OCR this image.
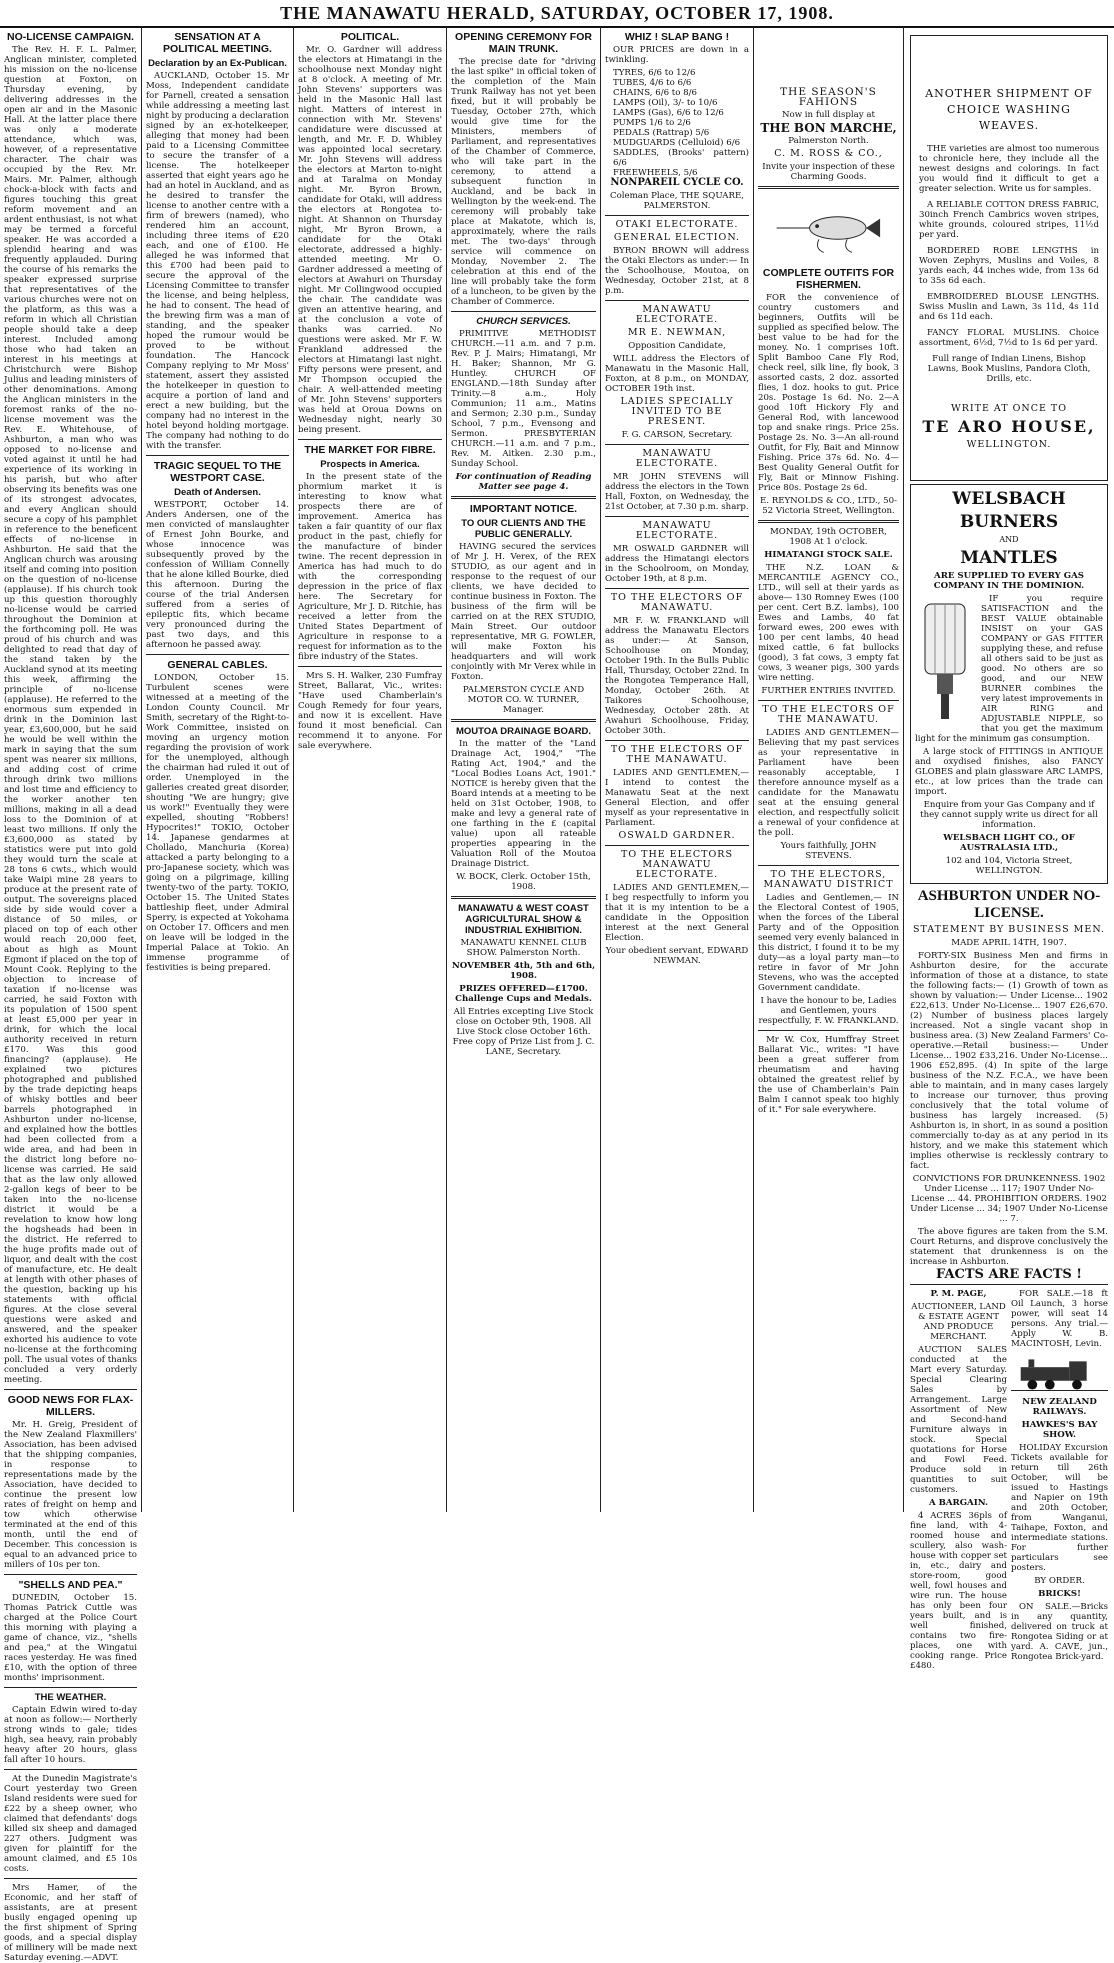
THE MANAWATU HERALD, SATURDAY, OCTOBER 17, 1908.
NO-LICENSE CAMPAIGN.

The Rev. H. F. L. Palmer, Anglican minister, completed his mission on the no-license question at Foxton, on Thursday evening, by delivering addresses in the open air and in the Masonic Hall. At the latter place there was only a moderate attendance, which was, however, of a representative character. The chair was occupied by the Rev. Mr. Mairs. Mr. Palmer, although chock-a-block with facts and figures touching this great reform movement and an ardent enthusiast, is not what may be termed a forceful speaker. He was accorded a splendid hearing and was frequently applauded. During the course of his remarks the speaker expressed surprise that representatives of the various churches were not on the platform, as this was a reform in which all Christian people should take a deep interest. Included among those who had taken an interest in his meetings at Christchurch were Bishop Julius and leading ministers of other denominations. Among the Anglican ministers in the foremost ranks of the no-license movement was the Rev. E. Whitehouse, of Ashburton, a man who was opposed to no-license and voted against it until he had experience of its working in his parish, but who after observing its benefits was one of its strongest advocates, and every Anglican should secure a copy of his pamphlet in reference to the beneficent effects of no-license in Ashburton. He said that the Anglican church was arousing itself and coming into position on the question of no-license (applause). If his church took up this question thoroughly no-license would be carried throughout the Dominion at the forthcoming poll. He was proud of his church and was delighted to read that day of the stand taken by the Auckland synod at its meeting this week, affirming the principle of no-license (applause). He referred to the enormous sum expended in drink in the Dominion last year, £3,600,000, but he said he would be well within the mark in saying that the sum spent was nearer six millions, and adding cost of crime through drink two millions and lost time and efficiency to the worker another ten millions, making in all a dead loss to the Dominion of at least two millions. If only the £3,600,000 as stated by statistics were put into gold they would turn the scale at 28 tons 6 cwts., which would take Waipi mine 28 years to produce at the present rate of output. The sovereigns placed side by side would cover a distance of 50 miles, or placed on top of each other would reach 20,000 feet, about as high as Mount Egmont if placed on the top of Mount Cook. Replying to the objection to increase of taxation if no-license was carried, he said Foxton with its population of 1500 spent at least £5,000 per year in drink, for which the local authority received in return £170. Was this good financing? (applause). He explained two pictures photographed and published by the trade depicting heaps of whisky bottles and beer barrels photographed in Ashburton under no-license, and explained how the bottles had been collected from a wide area, and had been in the district long before no-license was carried. He said that as the law only allowed 2-gallon kegs of beer to be taken into the no-license district it would be a revelation to know how long the hogsheads had been in the district. He referred to the huge profits made out of liquor, and dealt with the cost of manufacture, etc. He dealt at length with other phases of the question, backing up his statements with official figures. At the close several questions were asked and answered, and the speaker exhorted his audience to vote no-license at the forthcoming poll. The usual votes of thanks concluded a very orderly meeting.

GOOD NEWS FOR FLAX-MILLERS.

Mr. H. Greig, President of the New Zealand Flaxmillers' Association, has been advised that the shipping companies, in response to representations made by the Association, have decided to continue the present low rates of freight on hemp and tow which otherwise terminated at the end of this month, until the end of December. This concession is equal to an advanced price to millers of 10s per ton.

"SHELLS AND PEA."

DUNEDIN, October 15. Thomas Patrick Cuttle was charged at the Police Court this morning with playing a game of chance, viz., "shells and pea," at the Wingatui races yesterday. He was fined £10, with the option of three months' imprisonment.

THE WEATHER.

Captain Edwin wired to-day at noon as follow:— Northerly strong winds to gale; tides high, sea heavy, rain probably heavy after 20 hours, glass fall after 10 hours.

At the Dunedin Magistrate's Court yesterday two Green Island residents were sued for £22 by a sheep owner, who claimed that defendants' dogs killed six sheep and damaged 227 others. Judgment was given for plaintiff for the amount claimed, and £5 10s costs.

Mrs Hamer, of the Economic, and her staff of assistants, are at present busily engaged opening up the first shipment of Spring goods, and a special display of millinery will be made next Saturday evening.—ADVT.

SENSATION AT A POLITICAL MEETING.
Declaration by an Ex-Publican.

AUCKLAND, October 15. Mr Moss, Independent candidate for Parnell, created a sensation while addressing a meeting last night by producing a declaration signed by an ex-hotelkeeper, alleging that money had been paid to a Licensing Committee to secure the transfer of a license. The hotelkeeper asserted that eight years ago he had an hotel in Auckland, and as he desired to transfer the license to another centre with a firm of brewers (named), who rendered him an account, including three items of £20 each, and one of £100. He alleged he was informed that this £700 had been paid to secure the approval of the Licensing Committee to transfer the license, and being helpless, he had to consent. The head of the brewing firm was a man of standing, and the speaker hoped the rumour would be proved to be without foundation. The Hancock Company replying to Mr Moss' statement, assert they assisted the hotelkeeper in question to acquire a portion of land and erect a new building, but the company had no interest in the hotel beyond holding mortgage. The company had nothing to do with the transfer.

TRAGIC SEQUEL TO THE WESTPORT CASE.
Death of Andersen.

WESTPORT, October 14. Anders Andersen, one of the men convicted of manslaughter of Ernest John Bourke, and whose innocence was subsequently proved by the confession of William Connelly that he alone killed Bourke, died this afternoon. During the course of the trial Andersen suffered from a series of epileptic fits, which became very pronounced during the past two days, and this afternoon he passed away.

GENERAL CABLES.

LONDON, October 15. Turbulent scenes were witnessed at a meeting of the London County Council. Mr Smith, secretary of the Right-to-Work Committee, insisted on moving an urgency motion regarding the provision of work for the unemployed, although the chairman had ruled it out of order. Unemployed in the galleries created great disorder, shouting "We are hungry; give us work!" Eventually they were expelled, shouting "Robbers! Hypocrites!" TOKIO, October 14. Japanese gendarmes at Chollado, Manchuria (Korea) attacked a party belonging to a pro-Japanese society, which was going on a pilgrimage, killing twenty-two of the party. TOKIO, October 15. The United States battleship fleet, under Admiral Sperry, is expected at Yokohama on October 17. Officers and men on leave will be lodged in the Imperial Palace at Tokio. An immense programme of festivities is being prepared.

POLITICAL.

Mr. O. Gardner will address the electors at Himatangi in the schoolhouse next Monday night at 8 o'clock. A meeting of Mr. John Stevens' supporters was held in the Masonic Hall last night. Matters of interest in connection with Mr. Stevens' candidature were discussed at length, and Mr. F. D. Whibley was appointed local secretary. Mr. John Stevens will address the electors at Marton to-night and at Taralma on Monday night. Mr. Byron Brown, candidate for Otaki, will address the electors at Rongotea to-night. At Shannon on Thursday night, Mr Byron Brown, a candidate for the Otaki electorate, addressed a highly-attended meeting. Mr O. Gardner addressed a meeting of electors at Awahuri on Thursday night. Mr Collingwood occupied the chair. The candidate was given an attentive hearing, and at the conclusion a vote of thanks was carried. No questions were asked. Mr F. W. Frankland addressed the electors at Himatangi last night. Fifty persons were present, and Mr Thompson occupied the chair. A well-attended meeting of Mr. John Stevens' supporters was held at Oroua Downs on Wednesday night, nearly 30 being present.

THE MARKET FOR FIBRE.
Prospects in America.

In the present state of the phormium market it is interesting to know what prospects there are of improvement. America has taken a fair quantity of our flax product in the past, chiefly for the manufacture of binder twine. The recent depression in America has had much to do with the corresponding depression in the price of flax here. The Secretary for Agriculture, Mr J. D. Ritchie, has received a letter from the United States Department of Agriculture in response to a request for information as to the fibre industry of the States.

Mrs S. H. Walker, 230 Fumfray Street, Ballarat, Vic., writes: "Have used Chamberlain's Cough Remedy for four years, and now it is excellent. Have found it most beneficial. Can recommend it to anyone. For sale everywhere.

OPENING CEREMONY FOR MAIN TRUNK.

The precise date for "driving the last spike" in official token of the completion of the Main Trunk Railway has not yet been fixed, but it will probably be Tuesday, October 27th, which would give time for the Ministers, members of Parliament, and representatives of the Chamber of Commerce, who will take part in the ceremony, to attend a subsequent function in Auckland, and be back in Wellington by the week-end. The ceremony will probably take place at Makatote, which is, approximately, where the rails met. The two-days' through service will commence on Monday, November 2. The celebration at this end of the line will probably take the form of a luncheon, to be given by the Chamber of Commerce.

CHURCH SERVICES.

PRIMITIVE METHODIST CHURCH.—11 a.m. and 7 p.m. Rev. P. J. Mairs; Himatangi, Mr H. Baker; Shannon, Mr G. Huntley. CHURCH OF ENGLAND.—18th Sunday after Trinity.—8 a.m., Holy Communion; 11 a.m., Matins and Sermon; 2.30 p.m., Sunday School, 7 p.m., Evensong and Sermon. PRESBYTERIAN CHURCH.—11 a.m. and 7 p.m., Rev. M. Aitken. 2.30 p.m., Sunday School.

For continuation of Reading Matter see page 4.

IMPORTANT NOTICE.
TO OUR CLIENTS AND THE PUBLIC GENERALLY.

HAVING secured the services of Mr J. H. Verex, of the REX STUDIO, as our agent and in response to the request of our clients, we have decided to continue business in Foxton. The business of the firm will be carried on at the REX STUDIO, Main Street. Our outdoor representative, MR G. FOWLER, will make Foxton his headquarters and will work conjointly with Mr Verex while in Foxton.

PALMERSTON CYCLE AND MOTOR CO. W. TURNER, Manager.

MOUTOA DRAINAGE BOARD.

In the matter of the "Land Drainage Act, 1904," "The Rating Act, 1904," and the "Local Bodies Loans Act, 1901." NOTICE is hereby given that the Board intends at a meeting to be held on 31st October, 1908, to make and levy a general rate of one farthing in the £ (capital value) upon all rateable properties appearing in the Valuation Roll of the Moutoa Drainage District.

W. BOCK, Clerk. October 15th, 1908.

MANAWATU & WEST COAST AGRICULTURAL SHOW & INDUSTRIAL EXHIBITION.

MANAWATU KENNEL CLUB SHOW. Palmerston North.

NOVEMBER 4th, 5th and 6th, 1908.

PRIZES OFFERED—£1700. Challenge Cups and Medals.

All Entries excepting Live Stock close on October 9th, 1908. All Live Stock close October 16th. Free copy of Prize List from J. C. LANE, Secretary.

WHIZ ! SLAP BANG !

OUR PRICES are down in a twinkling.

TYRES, 6/6 to 12/6
TUBES, 4/6 to 6/6
CHAINS, 6/6 to 8/6
LAMPS (Oil), 3/- to 10/6
LAMPS (Gas), 6/6 to 12/6
PUMPS 1/6 to 2/6
PEDALS (Rattrap) 5/6
MUDGUARDS (Celluloid) 6/6
SADDLES, (Brooks' pattern) 6/6
FREEWHEELS, 5/6

NONPAREIL CYCLE CO.

Coleman Place, THE SQUARE, PALMERSTON.

OTAKI ELECTORATE.

GENERAL ELECTION.

BYRON BROWN will address the Otaki Electors as under:— In the Schoolhouse, Moutoa, on Wednesday, October 21st, at 8 p.m.

MANAWATU ELECTORATE.

MR E. NEWMAN,

Opposition Candidate,

WILL address the Electors of Manawatu in the Masonic Hall, Foxton, at 8 p.m., on MONDAY, OCTOBER 19th inst.

LADIES SPECIALLY INVITED TO BE PRESENT.

F. G. CARSON, Secretary.

MANAWATU ELECTORATE.

MR JOHN STEVENS will address the electors in the Town Hall, Foxton, on Wednesday, the 21st October, at 7.30 p.m. sharp.

MANAWATU ELECTORATE.

MR OSWALD GARDNER will address the Himatangi electors in the Schoolroom, on Monday, October 19th, at 8 p.m.

TO THE ELECTORS OF MANAWATU.

MR F. W. FRANKLAND will address the Manawatu Electors as under:— At Sanson, Schoolhouse on Monday, October 19th. In the Bulls Public Hall, Thursday, October 22nd. In the Rongotea Temperance Hall, Monday, October 26th. At Taikores Schoolhouse, Wednesday, October 28th. At Awahuri Schoolhouse, Friday, October 30th.

TO THE ELECTORS OF THE MANAWATU.

LADIES AND GENTLEMEN,— I intend to contest the Manawatu Seat at the next General Election, and offer myself as your representative in Parliament.

OSWALD GARDNER.

TO THE ELECTORS MANAWATU ELECTORATE.

LADIES AND GENTLEMEN,— I beg respectfully to inform you that it is my intention to be a candidate in the Opposition interest at the next General Election.

Your obedient servant, EDWARD NEWMAN.

THE SEASON'S FAHIONS

Now in full display at

THE BON MARCHE,

Palmerston North.

C. M. ROSS & CO.,

Invite your inspection of these Charming Goods.

COMPLETE OUTFITS FOR FISHERMEN.

FOR the convenience of country customers and beginners, Outfits will be supplied as specified below. The best value to be had for the money. No. 1 comprises 10ft. Split Bamboo Cane Fly Rod, check reel, silk line, fly book, 3 assorted casts, 2 doz. assorted flies, 1 doz. hooks to gut. Price 20s. Postage 1s 6d. No. 2—A good 10ft Hickory Fly and General Rod, with lancewood top and snake rings. Price 25s. Postage 2s. No. 3—An all-round Outfit, for Fly, Bait and Minnow Fishing. Price 37s 6d. No. 4—Best Quality General Outfit for Fly, Bait or Minnow Fishing. Price 80s. Postage 2s 6d.

E. REYNOLDS & CO., LTD., 50-52 Victoria Street, Wellington.

MONDAY, 19th OCTOBER, 1908 At 1 o'clock.

HIMATANGI STOCK SALE.

THE N.Z. LOAN & MERCANTILE AGENCY CO., LTD., will sell at their yards as above— 130 Romney Ewes (100 per cent. Cert B.Z. lambs), 100 Ewes and Lambs, 40 fat forward ewes, 200 ewes with 100 per cent lambs, 40 head mixed cattle, 6 fat bullocks (good), 3 fat cows, 3 empty fat cows, 3 weaner pigs, 300 yards wire netting.

FURTHER ENTRIES INVITED.

TO THE ELECTORS OF THE MANAWATU.

LADIES AND GENTLEMEN— Believing that my past services as your representative in Parliament have been reasonably acceptable, I therefore announce myself as a candidate for the Manawatu seat at the ensuing general election, and respectfully solicit a renewal of your confidence at the poll.

Yours faithfully, JOHN STEVENS.

TO THE ELECTORS, MANAWATU DISTRICT

Ladies and Gentlemen,— IN the Electoral Contest of 1905, when the forces of the Liberal Party and of the Opposition seemed very evenly balanced in this district, I found it to be my duty—as a loyal party man—to retire in favor of Mr John Stevens, who was the accepted Government candidate.

I have the honour to be, Ladies and Gentlemen, yours respectfully, F. W. FRANKLAND.

Mr W. Cox, Humffray Street Ballarat Vic., writes: "I have been a great sufferer from rheumatism and having obtained the greatest relief by the use of Chamberlain's Pain Balm I cannot speak too highly of it." For sale everywhere.

ANOTHER SHIPMENT OF CHOICE WASHING WEAVES.

THE varieties are almost too numerous to chronicle here, they include all the newest designs and colorings. In fact you would find it difficult to get a greater selection. Write us for samples.

A RELIABLE COTTON DRESS FABRIC, 30inch French Cambrics woven stripes, white grounds, coloured stripes, 11½d per yard.

BORDERED ROBE LENGTHS in Woven Zephyrs, Muslins and Voiles, 8 yards each, 44 inches wide, from 13s 6d to 35s 6d each.

EMBROIDERED BLOUSE LENGTHS. Swiss Muslin and Lawn, 3s 11d, 4s 11d and 6s 11d each.

FANCY FLORAL MUSLINS. Choice assortment, 6½d, 7½d to 1s 6d per yard.

Full range of Indian Linens, Bishop Lawns, Book Muslins, Pandora Cloth, Drills, etc.

WRITE AT ONCE TO

TE ARO HOUSE,

WELLINGTON.

WELSBACH

BURNERS

AND

MANTLES

ARE SUPPLIED TO EVERY GAS COMPANY IN THE DOMINION.

IF you require SATISFACTION and the BEST VALUE obtainable INSIST on your GAS COMPANY or GAS FITTER supplying these, and refuse all others said to be just as good. No others are so good, and our NEW BURNER combines the very latest improvements in AIR RING and ADJUSTABLE NIPPLE, so that you get the maximum light for the minimum gas consumption.

A large stock of FITTINGS in ANTIQUE and oxydised finishes, also FANCY GLOBES and plain glassware ARC LAMPS, etc., at low prices than the trade can import.

Enquire from your Gas Company and if they cannot supply write us direct for all information.

WELSBACH LIGHT CO., OF AUSTRALASIA LTD.,

102 and 104, Victoria Street, WELLINGTON.

ASHBURTON UNDER NO-LICENSE.

STATEMENT BY BUSINESS MEN.

MADE APRIL 14TH, 1907.

FORTY-SIX Business Men and firms in Ashburton desire, for the accurate information of those at a distance, to state the following facts:— (1) Growth of town as shown by valuation:— Under License... 1902 £22,613. Under No-License... 1907 £26,670. (2) Number of business places largely increased. Not a single vacant shop in business area. (3) New Zealand Farmers' Co-operative.—Retail business:— Under License... 1902 £33,216. Under No-License... 1906 £52,895. (4) In spite of the large business of the N.Z. F.C.A., we have been able to maintain, and in many cases largely to increase our turnover, thus proving conclusively that the total volume of business has largely increased. (5) Ashburton is, in short, in as sound a position commercially to-day as at any period in its history, and we make this statement which implies otherwise is recklessly contrary to fact.

CONVICTIONS FOR DRUNKENNESS. 1902 Under License ... 117; 1907 Under No-License ... 44. PROHIBITION ORDERS. 1902 Under License ... 34; 1907 Under No-License ... 7.

The above figures are taken from the S.M. Court Returns, and disprove conclusively the statement that drunkenness is on the increase in Ashburton.

FACTS ARE FACTS !

P. M. PAGE,

AUCTIONEER, LAND & ESTATE AGENT AND PRODUCE MERCHANT.

AUCTION SALES conducted at the Mart every Saturday. Special Clearing Sales by Arrangement. Large Assortment of New and Second-hand Furniture always in stock. Special quotations for Horse and Fowl Feed. Produce sold in quantities to suit customers.

A BARGAIN.

4 ACRES 36pls of fine land, with 4-roomed house and scullery, also wash-house with copper set in, etc., dairy and store-room, good well, fowl houses and wire run. The house has only been four years built, and is well finished, contains two fire-places, one with cooking range. Price £480.

FOR SALE.—18 ft Oil Launch, 3 horse power, will seat 14 persons. Any trial.—Apply W. B. MACINTOSH, Levin.

NEW ZEALAND RAILWAYS.

HAWKES'S BAY SHOW.

HOLIDAY Excursion Tickets available for return till 26th October, will be issued to Hastings and Napier on 19th and 20th October, from Wanganui, Taihape, Foxton, and intermediate stations. For further particulars see posters.

BY ORDER.

BRICKS!

ON SALE.—Bricks in any quantity, delivered on truck at Rongotea Siding or at yard. A. CAVE, jun., Rongotea Brick-yard.
